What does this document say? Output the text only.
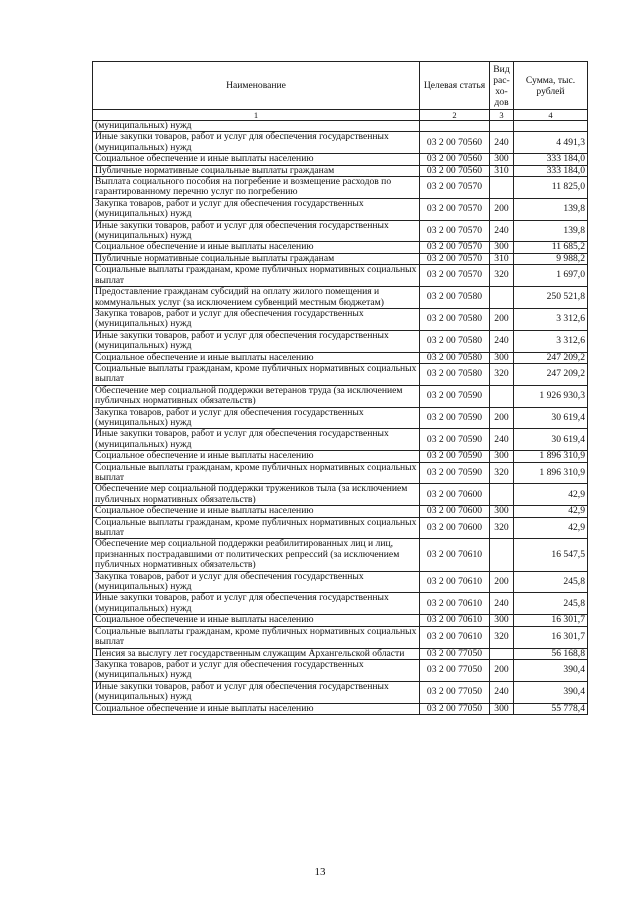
Наименование	Целевая статья	Вид рас-хо-дов	Сумма, тыс. рублей
1	2	3	4
(муниципальных) нужд			
Иные закупки товаров, работ и услуг для обеспечения государственных (муниципальных) нужд	03 2 00 70560	240	4 491,3
Социальное обеспечение и иные выплаты населению	03 2 00 70560	300	333 184,0
Публичные нормативные социальные выплаты гражданам	03 2 00 70560	310	333 184,0
Выплата социального пособия на погребение и возмещение расходов по гарантированному перечню услуг по погребению	03 2 00 70570		11 825,0
Закупка товаров, работ и услуг для обеспечения государственных (муниципальных) нужд	03 2 00 70570	200	139,8
Иные закупки товаров, работ и услуг для обеспечения государственных (муниципальных) нужд	03 2 00 70570	240	139,8
Социальное обеспечение и иные выплаты населению	03 2 00 70570	300	11 685,2
Публичные нормативные социальные выплаты гражданам	03 2 00 70570	310	9 988,2
Социальные выплаты гражданам, кроме публичных нормативных социальных выплат	03 2 00 70570	320	1 697,0
Предоставление гражданам субсидий на оплату жилого помещения и коммунальных услуг (за исключением субвенций местным бюджетам)	03 2 00 70580		250 521,8
Закупка товаров, работ и услуг для обеспечения государственных (муниципальных) нужд	03 2 00 70580	200	3 312,6
Иные закупки товаров, работ и услуг для обеспечения государственных (муниципальных) нужд	03 2 00 70580	240	3 312,6
Социальное обеспечение и иные выплаты населению	03 2 00 70580	300	247 209,2
Социальные выплаты гражданам, кроме публичных нормативных социальных выплат	03 2 00 70580	320	247 209,2
Обеспечение мер социальной поддержки ветеранов труда (за исключением публичных нормативных обязательств)	03 2 00 70590		1 926 930,3
Закупка товаров, работ и услуг для обеспечения государственных (муниципальных) нужд	03 2 00 70590	200	30 619,4
Иные закупки товаров, работ и услуг для обеспечения государственных (муниципальных) нужд	03 2 00 70590	240	30 619,4
Социальное обеспечение и иные выплаты населению	03 2 00 70590	300	1 896 310,9
Социальные выплаты гражданам, кроме публичных нормативных социальных выплат	03 2 00 70590	320	1 896 310,9
Обеспечение мер социальной поддержки тружеников тыла (за исключением публичных нормативных обязательств)	03 2 00 70600		42,9
Социальное обеспечение и иные выплаты населению	03 2 00 70600	300	42,9
Социальные выплаты гражданам, кроме публичных нормативных социальных выплат	03 2 00 70600	320	42,9
Обеспечение мер социальной поддержки реабилитированных лиц и лиц, признанных пострадавшими от политических репрессий (за исключением публичных нормативных обязательств)	03 2 00 70610		16 547,5
Закупка товаров, работ и услуг для обеспечения государственных (муниципальных) нужд	03 2 00 70610	200	245,8
Иные закупки товаров, работ и услуг для обеспечения государственных (муниципальных) нужд	03 2 00 70610	240	245,8
Социальное обеспечение и иные выплаты населению	03 2 00 70610	300	16 301,7
Социальные выплаты гражданам, кроме публичных нормативных социальных выплат	03 2 00 70610	320	16 301,7
Пенсия за выслугу лет государственным служащим Архангельской области	03 2 00 77050		56 168,8
Закупка товаров, работ и услуг для обеспечения государственных (муниципальных) нужд	03 2 00 77050	200	390,4
Иные закупки товаров, работ и услуг для обеспечения государственных (муниципальных) нужд	03 2 00 77050	240	390,4
Социальное обеспечение и иные выплаты населению	03 2 00 77050	300	55 778,4
13
